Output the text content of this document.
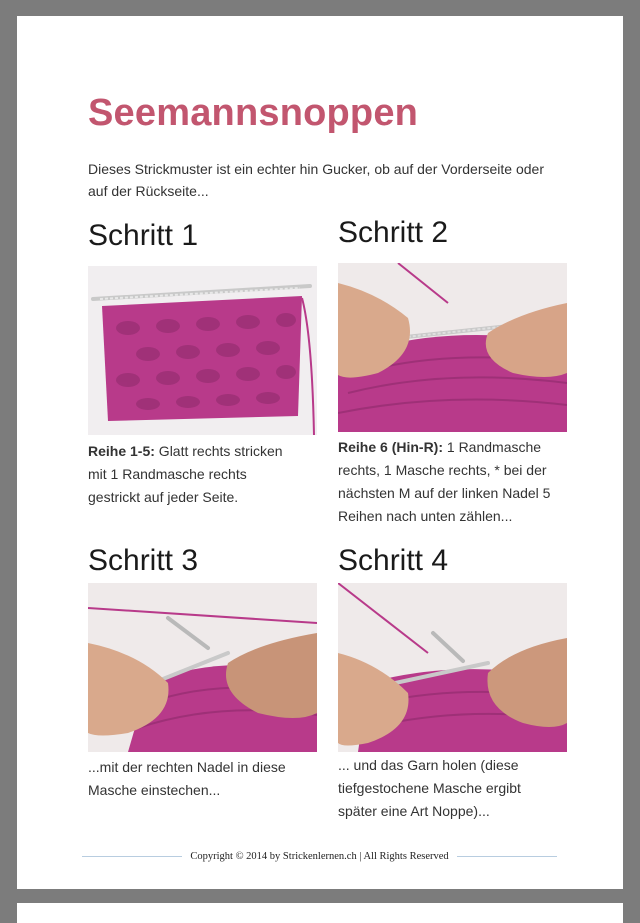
Seemannsnoppen
Dieses Strickmuster ist ein echter hin Gucker, ob auf der Vorderseite oder auf der Rückseite...
Schritt 1
Reihe 1-5: Glatt rechts stricken mit 1 Randmasche rechts gestrickt auf jeder Seite.
Schritt 2
Reihe 6 (Hin-R): 1 Randmasche rechts, 1 Masche rechts, * bei der nächsten M auf der linken Nadel 5 Reihen nach unten zählen...
Schritt 3
...mit der rechten Nadel in diese Masche einstechen...
Schritt 4
... und das Garn holen (diese tiefgestochene Masche ergibt später eine Art Noppe)...
Copyright © 2014 by Strickenlernen.ch | All Rights Reserved
